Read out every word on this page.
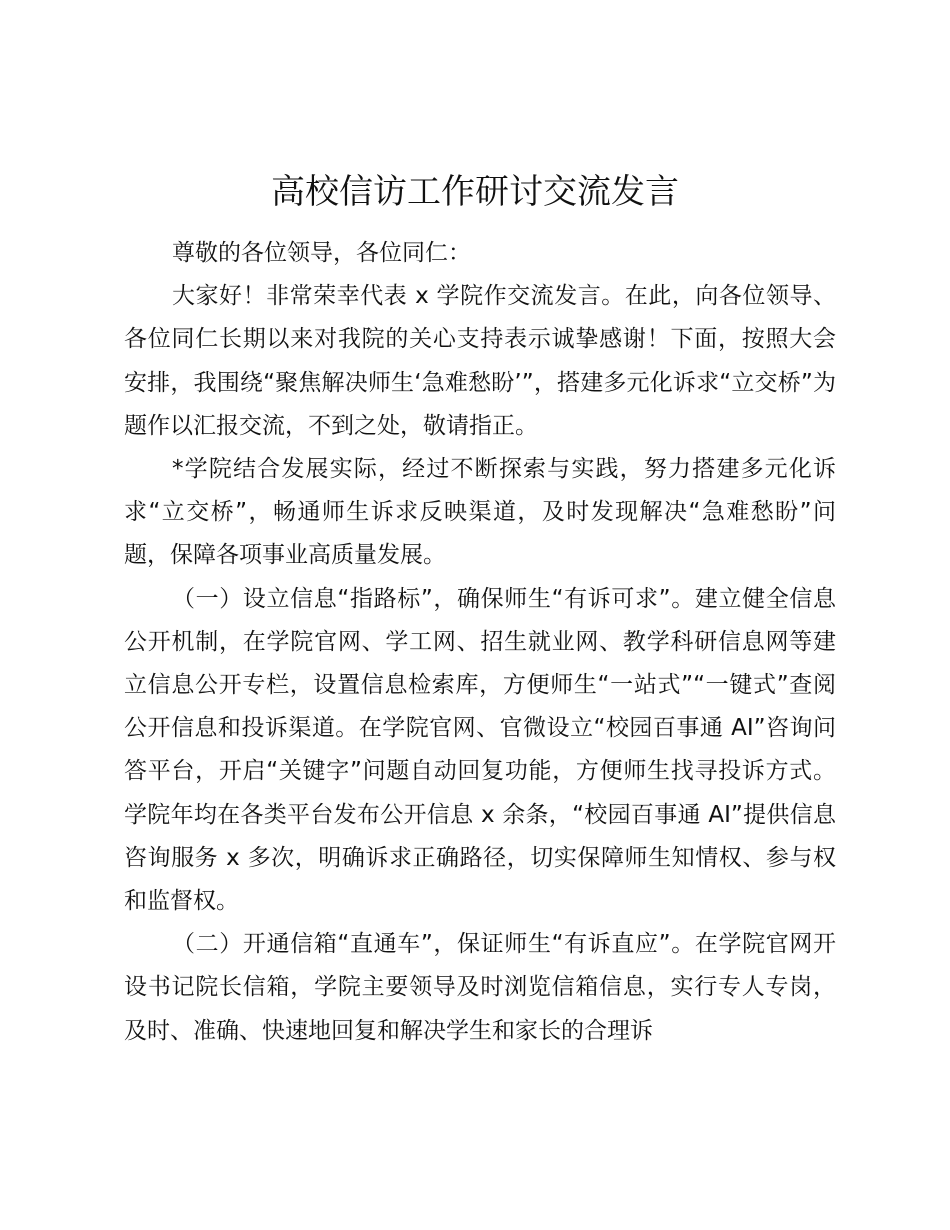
高校信访工作研讨交流发言

尊敬的各位领导，各位同仁：

大家好！非常荣幸代表 x 学院作交流发言。在此，向各位领导、各位同仁长期以来对我院的关心支持表示诚挚感谢！下面，按照大会安排，我围绕“聚焦解决师生‘急难愁盼’”，搭建多元化诉求“立交桥”为题作以汇报交流，不到之处，敬请指正。

*学院结合发展实际，经过不断探索与实践，努力搭建多元化诉求“立交桥”，畅通师生诉求反映渠道，及时发现解决“急难愁盼”问题，保障各项事业高质量发展。

（一）设立信息“指路标”，确保师生“有诉可求”。建立健全信息公开机制，在学院官网、学工网、招生就业网、教学科研信息网等建立信息公开专栏，设置信息检索库，方便师生“一站式”“一键式”查阅公开信息和投诉渠道。在学院官网、官微设立“校园百事通 AI”咨询问答平台，开启“关键字”问题自动回复功能，方便师生找寻投诉方式。学院年均在各类平台发布公开信息 x 余条，“校园百事通 AI”提供信息咨询服务 x 多次，明确诉求正确路径，切实保障师生知情权、参与权和监督权。

（二）开通信箱“直通车”，保证师生“有诉直应”。在学院官网开设书记院长信箱，学院主要领导及时浏览信箱信息，实行专人专岗，及时、准确、快速地回复和解决学生和家长的合理诉
